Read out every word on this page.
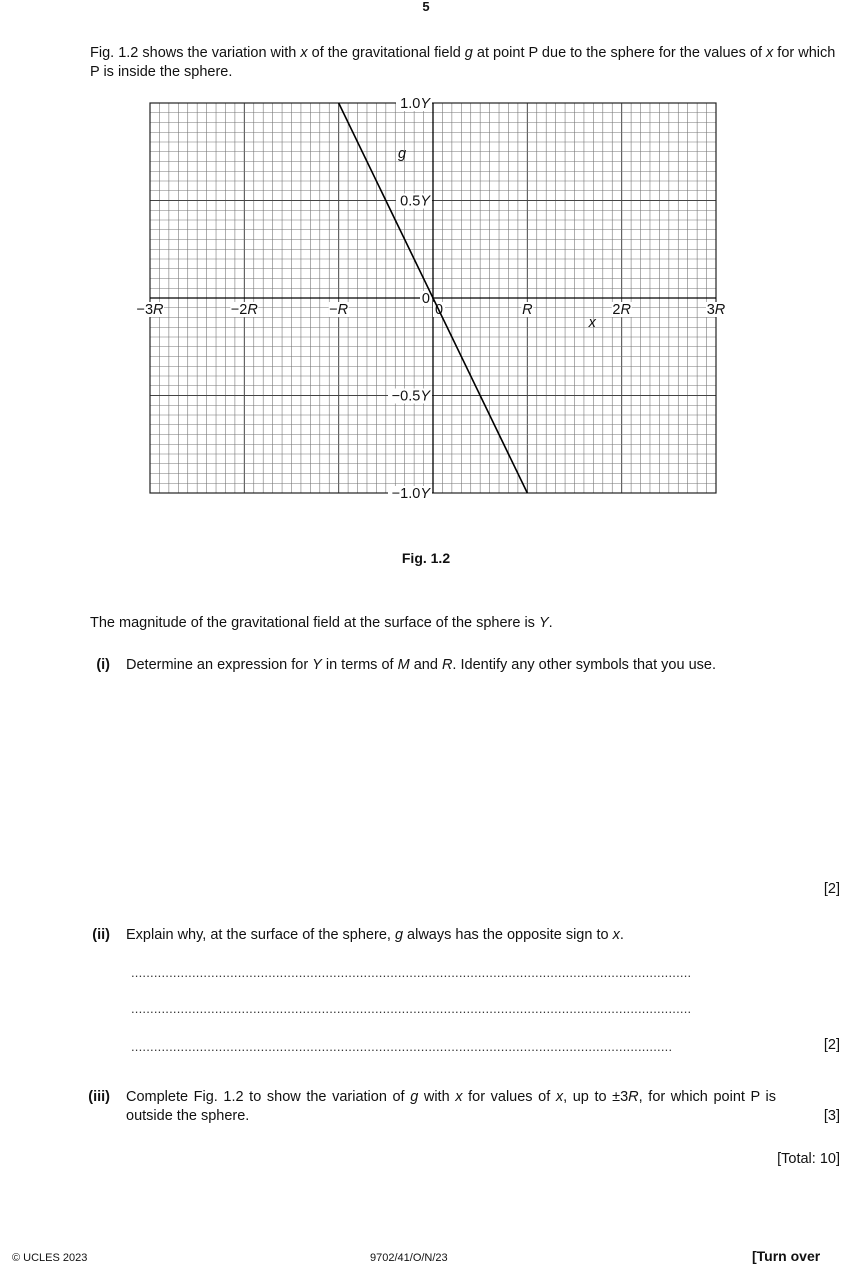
5
Fig. 1.2 shows the variation with x of the gravitational field g at point P due to the sphere for the values of x for which P is inside the sphere.
1.0Y
0.5Y
0
−0.5Y
−1.0Y
−3R	−2R	−R	0	R	2R	3R
g
x
Fig. 1.2
The magnitude of the gravitational field at the surface of the sphere is Y.
(i) Determine an expression for Y in terms of M and R. Identify any other symbols that you use.
[2]
(ii) Explain why, at the surface of the sphere, g always has the opposite sign to x.
...................................................................................................................................................
...................................................................................................................................................
..............................................................................................................................................	[2]
(iii) Complete Fig. 1.2 to show the variation of g with x for values of x, up to ±3R, for which point P is outside the sphere.	[3]
[Total: 10]
© UCLES 2023	9702/41/O/N/23	[Turn over
